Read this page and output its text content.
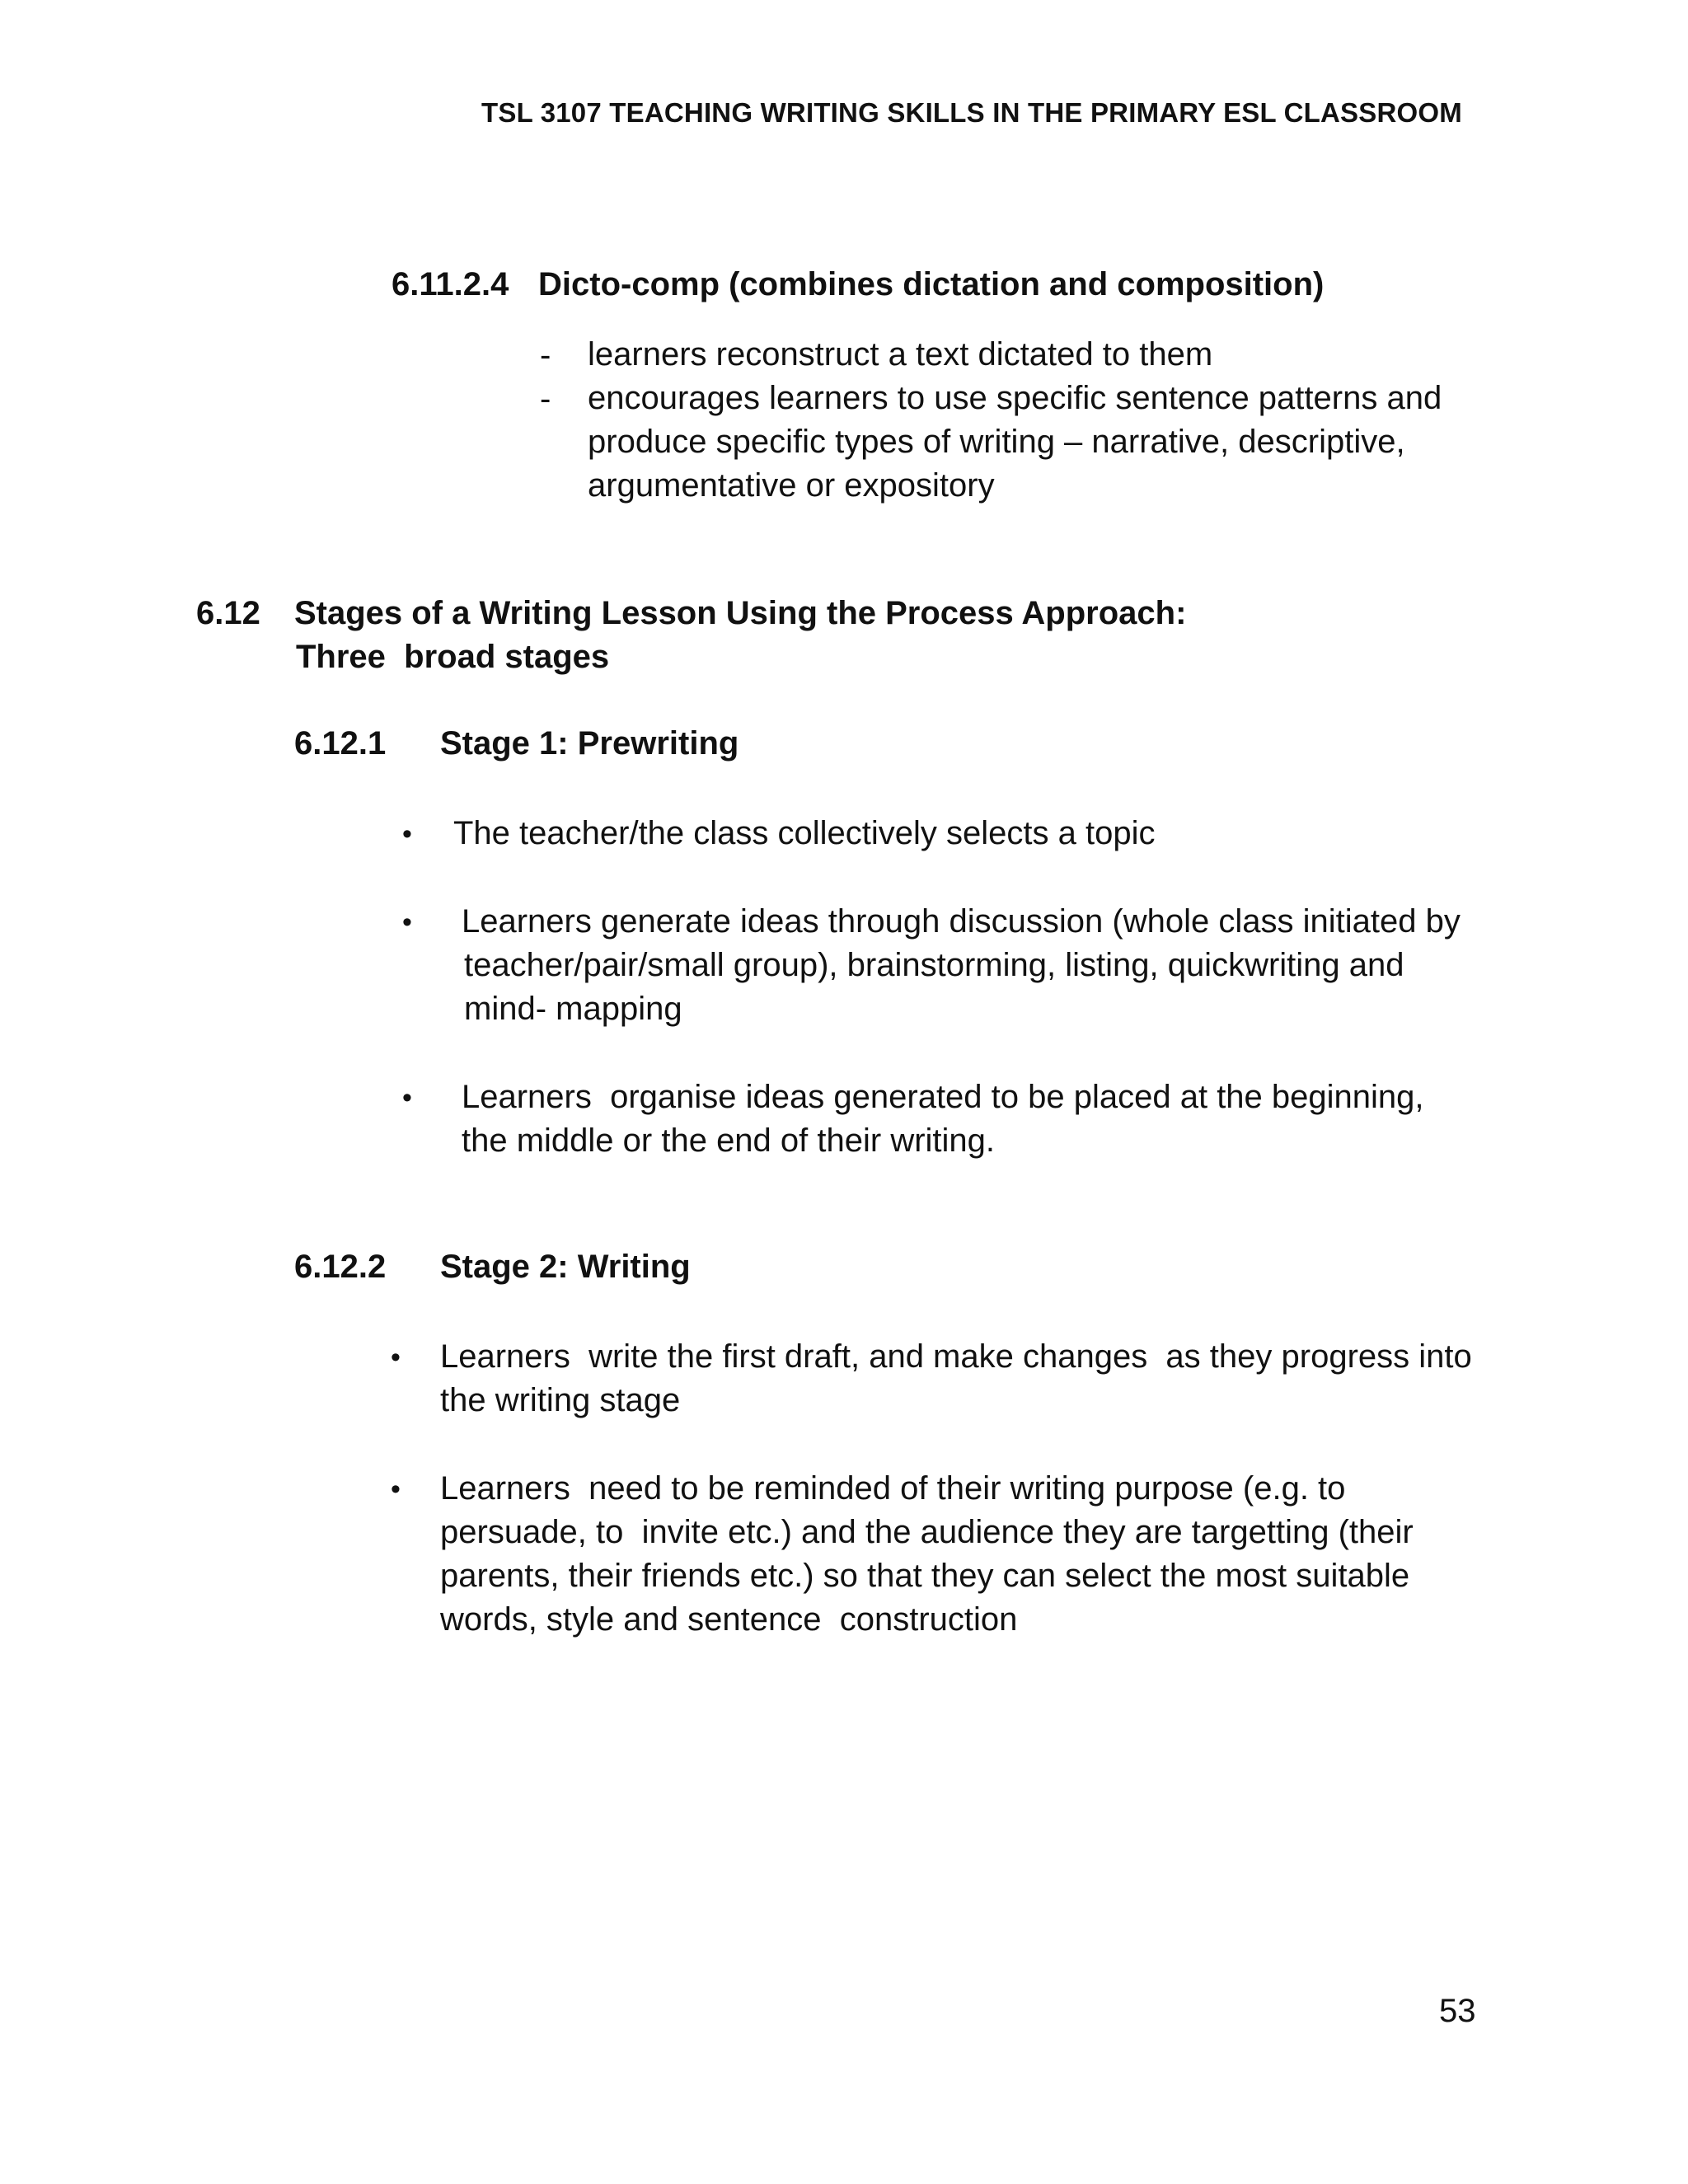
TSL 3107 TEACHING WRITING SKILLS IN THE PRIMARY ESL CLASSROOM
6.11.2.4 Dicto-comp (combines dictation and composition)
- learners reconstruct a text dictated to them
- encourages learners to use specific sentence patterns and
produce specific types of writing – narrative, descriptive,
argumentative or expository
6.12 Stages of a Writing Lesson Using the Process Approach:
Three  broad stages
6.12.1 Stage 1: Prewriting
• The teacher/the class collectively selects a topic
• Learners generate ideas through discussion (whole class initiated by
teacher/pair/small group), brainstorming, listing, quickwriting and
mind- mapping
• Learners  organise ideas generated to be placed at the beginning,
the middle or the end of their writing.
6.12.2 Stage 2: Writing
• Learners  write the first draft, and make changes  as they progress into
the writing stage
• Learners  need to be reminded of their writing purpose (e.g. to
persuade, to  invite etc.) and the audience they are targetting (their
parents, their friends etc.) so that they can select the most suitable
words, style and sentence  construction
53
